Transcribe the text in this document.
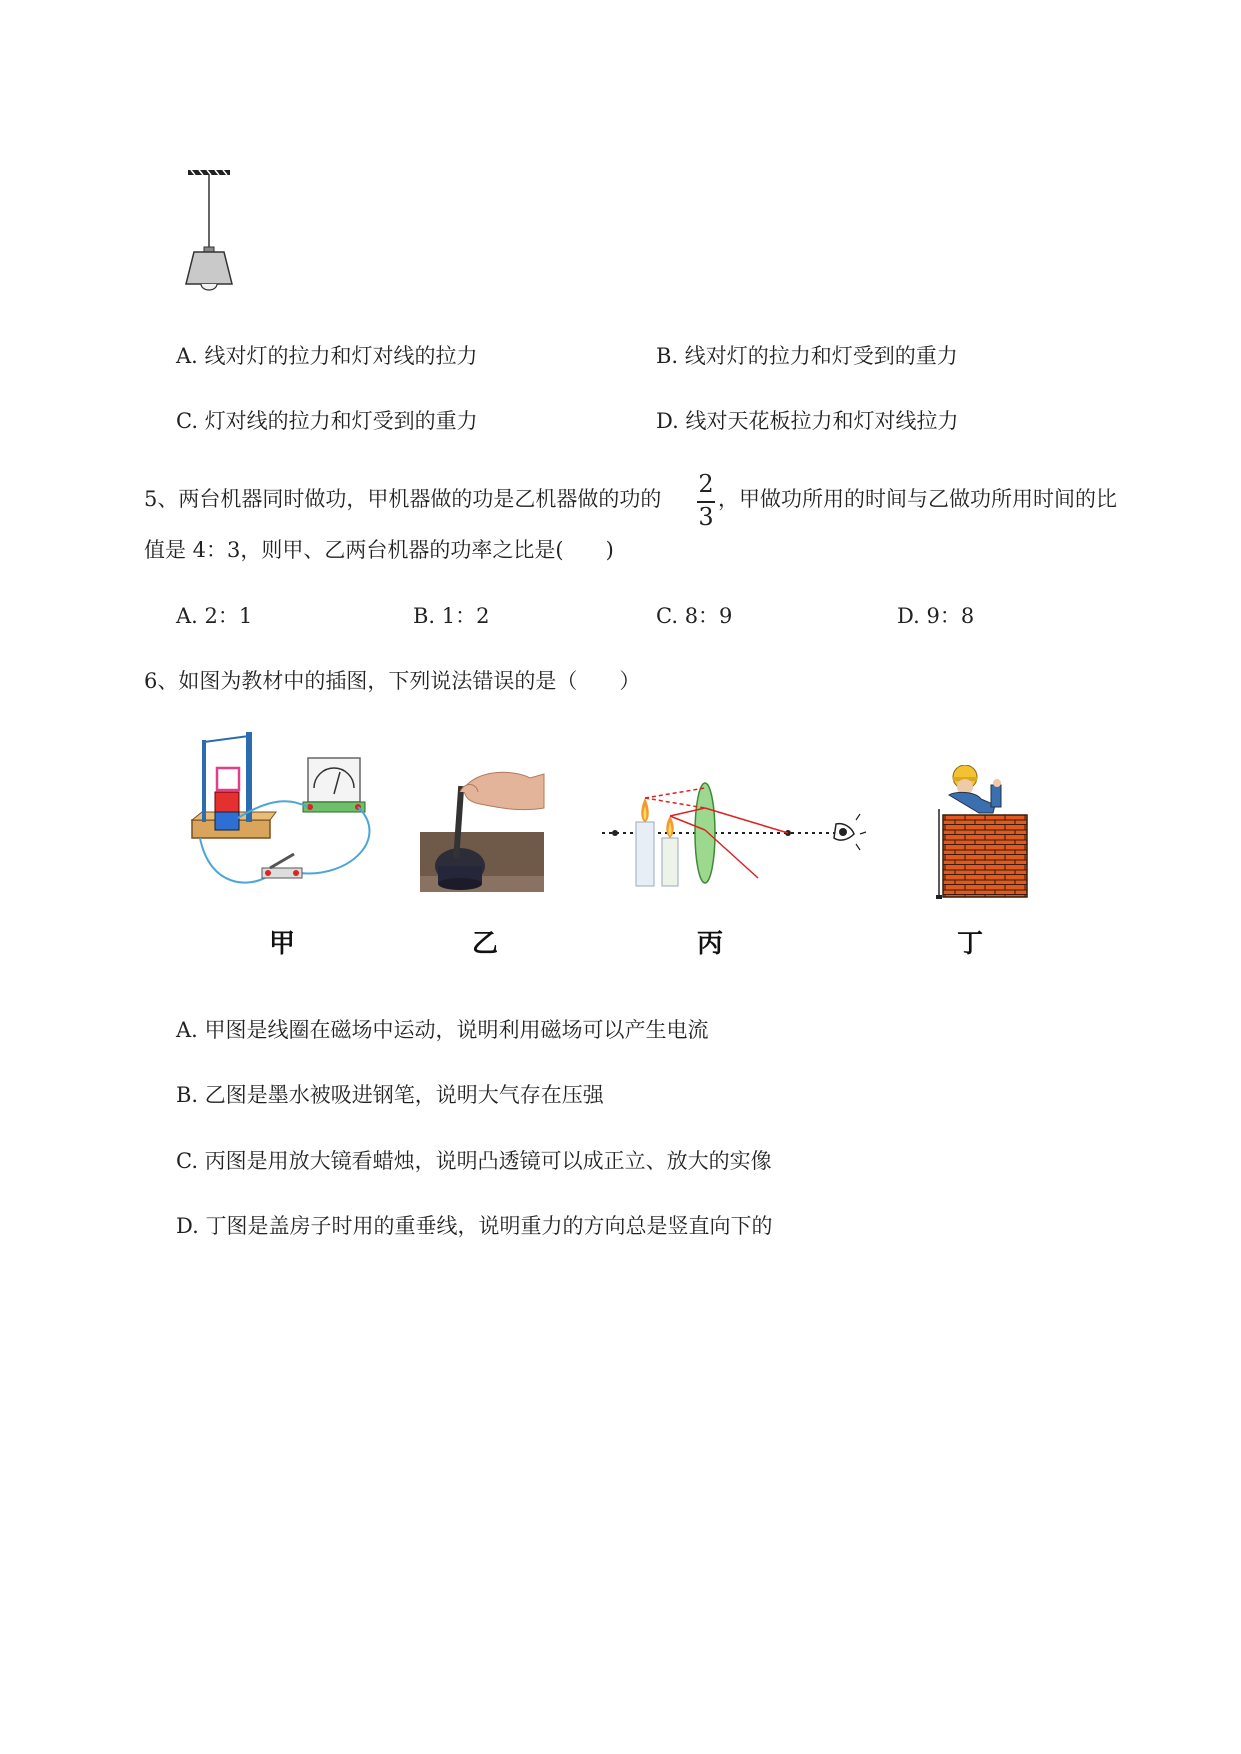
A. 线对灯的拉力和灯对线的拉力	B. 线对灯的拉力和灯受到的重力
C. 灯对线的拉力和灯受到的重力	D. 线对天花板拉力和灯对线拉力
5、两台机器同时做功，甲机器做的功是乙机器做的功的
2
3
，甲做功所用的时间与乙做功所用时间的比
值是 4：3，则甲、乙两台机器的功率之比是(　　)
A. 2：1	B. 1：2	C. 8：9	D. 9：8
6、如图为教材中的插图，下列说法错误的是（　　）
甲	乙	丙	丁
A. 甲图是线圈在磁场中运动，说明利用磁场可以产生电流
B. 乙图是墨水被吸进钢笔，说明大气存在压强
C. 丙图是用放大镜看蜡烛，说明凸透镜可以成正立、放大的实像
D. 丁图是盖房子时用的重垂线，说明重力的方向总是竖直向下的
